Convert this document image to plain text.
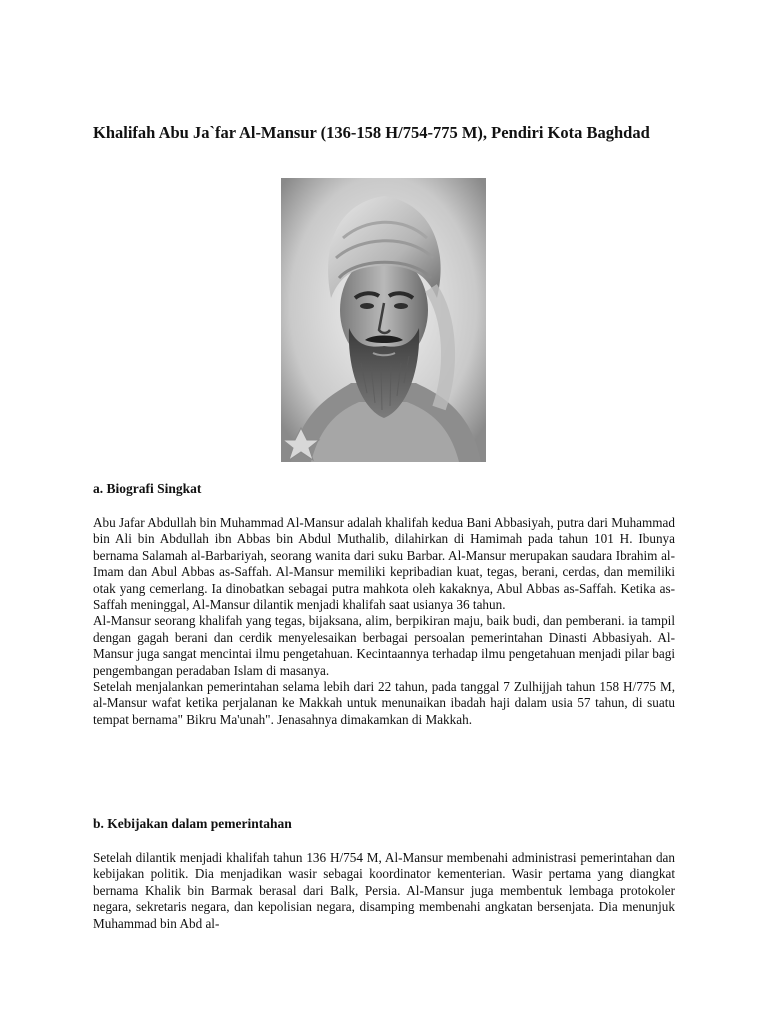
Khalifah Abu Ja`far Al-Mansur (136-158 H/754-775 M), Pendiri Kota Baghdad
a. Biografi Singkat

Abu Jafar Abdullah bin Muhammad Al-Mansur adalah khalifah kedua Bani Abbasiyah, putra dari Muhammad bin Ali bin Abdullah ibn Abbas bin Abdul Muthalib, dilahirkan di Hamimah pada tahun 101 H. Ibunya bernama Salamah al-Barbariyah, seorang wanita dari suku Barbar. Al-Mansur merupakan saudara Ibrahim al-Imam dan Abul Abbas as-Saffah. Al-Mansur memiliki kepribadian kuat, tegas, berani, cerdas, dan memiliki otak yang cemerlang. Ia dinobatkan sebagai putra mahkota oleh kakaknya, Abul Abbas as-Saffah. Ketika as-Saffah meninggal, Al-Mansur dilantik menjadi khalifah saat usianya 36 tahun.

Al-Mansur seorang khalifah yang tegas, bijaksana, alim, berpikiran maju, baik budi, dan pemberani. ia tampil dengan gagah berani dan cerdik menyelesaikan berbagai persoalan pemerintahan Dinasti Abbasiyah. Al-Mansur juga sangat mencintai ilmu pengetahuan. Kecintaannya terhadap ilmu pengetahuan menjadi pilar bagi pengembangan peradaban Islam di masanya.

Setelah menjalankan pemerintahan selama lebih dari 22 tahun, pada tanggal 7 Zulhijjah tahun 158 H/775 M, al-Mansur wafat ketika perjalanan ke Makkah untuk menunaikan ibadah haji dalam usia 57 tahun, di suatu tempat bernama" Bikru Ma'unah". Jenasahnya dimakamkan di Makkah.

b. Kebijakan dalam pemerintahan

Setelah dilantik menjadi khalifah tahun 136 H/754 M, Al-Mansur membenahi administrasi pemerintahan dan kebijakan politik. Dia menjadikan wasir sebagai koordinator kementerian. Wasir pertama yang diangkat bernama Khalik bin Barmak berasal dari Balk, Persia. Al-Mansur juga membentuk lembaga protokoler negara, sekretaris negara, dan kepolisian negara, disamping membenahi angkatan bersenjata. Dia menunjuk Muhammad bin Abd al-
